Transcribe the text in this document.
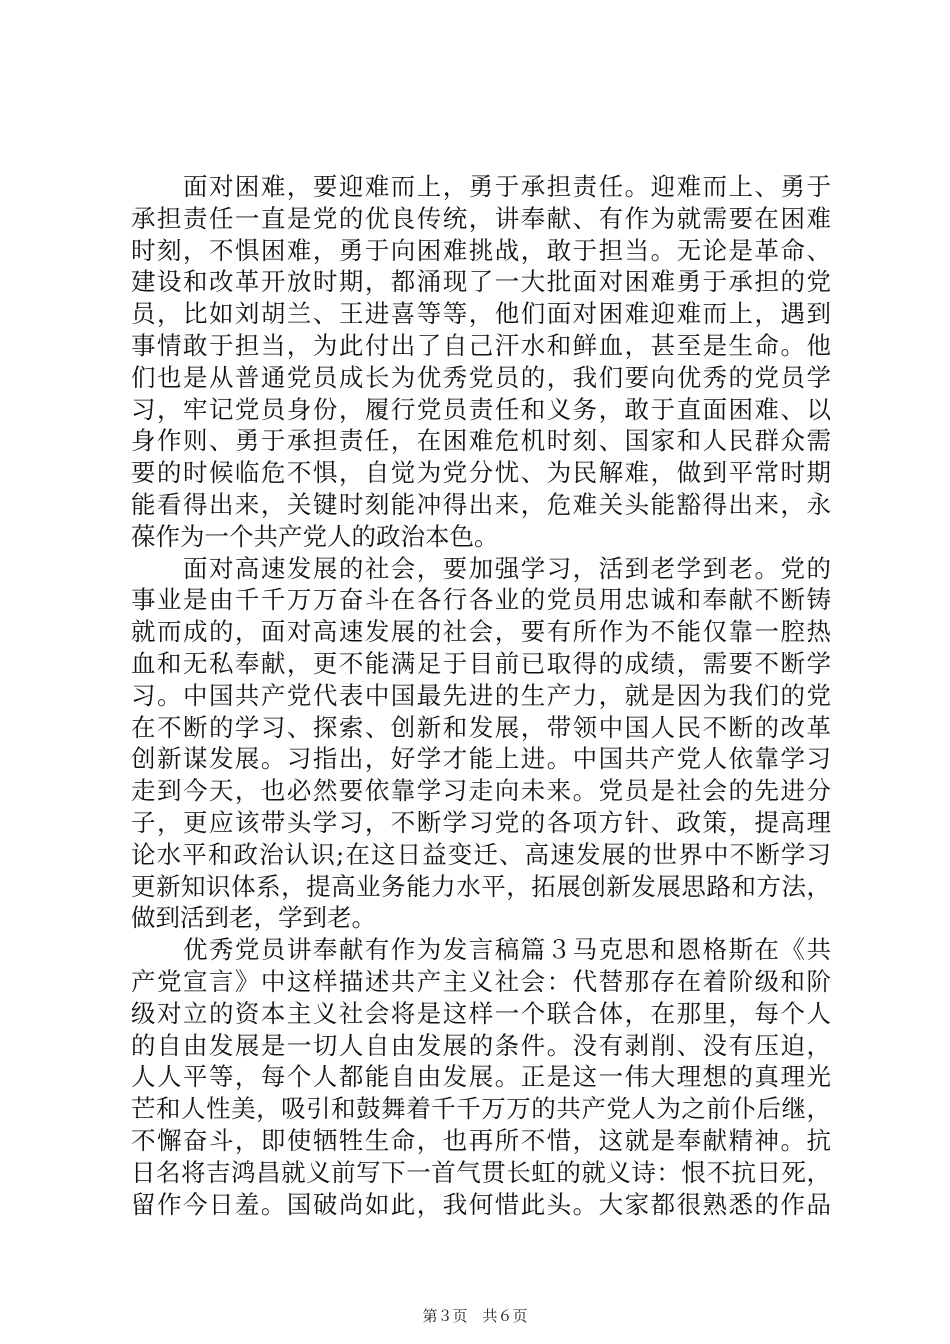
　　面对困难，要迎难而上，勇于承担责任。迎难而上、勇于
承担责任一直是党的优良传统，讲奉献、有作为就需要在困难
时刻，不惧困难，勇于向困难挑战，敢于担当。无论是革命、
建设和改革开放时期，都涌现了一大批面对困难勇于承担的党
员，比如刘胡兰、王进喜等等，他们面对困难迎难而上，遇到
事情敢于担当，为此付出了自己汗水和鲜血，甚至是生命。他
们也是从普通党员成长为优秀党员的，我们要向优秀的党员学
习，牢记党员身份，履行党员责任和义务，敢于直面困难、以
身作则、勇于承担责任，在困难危机时刻、国家和人民群众需
要的时候临危不惧，自觉为党分忧、为民解难，做到平常时期
能看得出来，关键时刻能冲得出来，危难关头能豁得出来，永
葆作为一个共产党人的政治本色。
　　面对高速发展的社会，要加强学习，活到老学到老。党的
事业是由千千万万奋斗在各行各业的党员用忠诚和奉献不断铸
就而成的，面对高速发展的社会，要有所作为不能仅靠一腔热
血和无私奉献，更不能满足于目前已取得的成绩，需要不断学
习。中国共产党代表中国最先进的生产力，就是因为我们的党
在不断的学习、探索、创新和发展，带领中国人民不断的改革
创新谋发展。习指出，好学才能上进。中国共产党人依靠学习
走到今天，也必然要依靠学习走向未来。党员是社会的先进分
子，更应该带头学习，不断学习党的各项方针、政策，提高理
论水平和政治认识;在这日益变迁、高速发展的世界中不断学习
更新知识体系，提高业务能力水平，拓展创新发展思路和方法，
做到活到老，学到老。
　　优秀党员讲奉献有作为发言稿篇３马克思和恩格斯在《共
产党宣言》中这样描述共产主义社会：代替那存在着阶级和阶
级对立的资本主义社会将是这样一个联合体，在那里，每个人
的自由发展是一切人自由发展的条件。没有剥削、没有压迫，
人人平等，每个人都能自由发展。正是这一伟大理想的真理光
芒和人性美，吸引和鼓舞着千千万万的共产党人为之前仆后继，
不懈奋斗，即使牺牲生命，也再所不惜，这就是奉献精神。抗
日名将吉鸿昌就义前写下一首气贯长虹的就义诗：恨不抗日死，
留作今日羞。国破尚如此，我何惜此头。大家都很熟悉的作品
第３页　共６页
